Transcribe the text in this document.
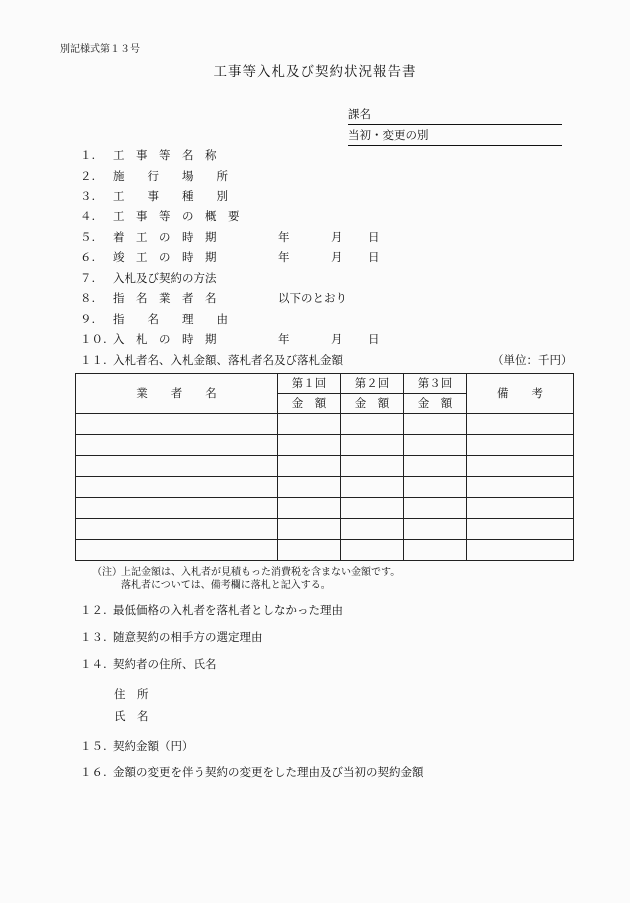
別記様式第１３号
工事等入札及び契約状況報告書
課名
当初・変更の別
１. 工　事　等　名　称
２. 施　　行　　場　　所
３. 工　　事　　種　　別
４. 工　事　等　の　概　要
５. 着　工　の　時　期	年	月 日
６. 竣　工　の　時　期	年	月 日
７. 入札及び契約の方法
８. 指　名　業　者　名	以下のとおり
９. 指　　名　　理　　由
１０. 入　札　の　時　期	年	月 日
１１. 入札者名、入札金額、落札者名及び落札金額	（単位：千円）
業　　者　　名	第１回	第２回	第３回	備　　考
	金　額	金　額	金　額	

（注） 上記金額は、入札者が見積もった消費税を含まない金額です。
落札者については、備考欄に落札と記入する。
１２. 最低価格の入札者を落札者としなかった理由
１３. 随意契約の相手方の選定理由
１４. 契約者の住所、氏名
住　所
氏　名
１５. 契約金額（円）
１６. 金額の変更を伴う契約の変更をした理由及び当初の契約金額
